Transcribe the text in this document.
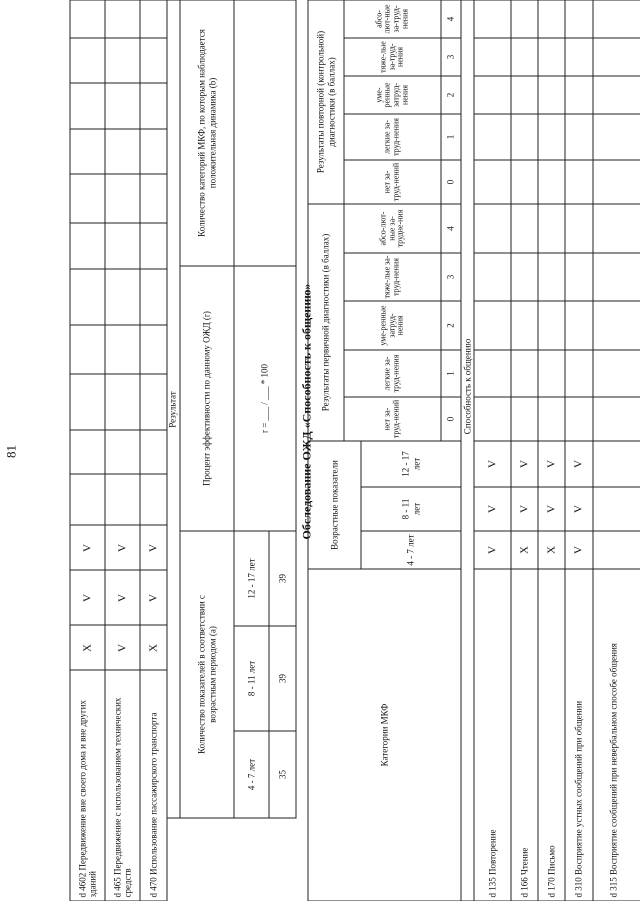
81
d 4602 Передвижение вне своего дома и вне других зданий
Х
V
V
d 465 Передвижение с использованием технических средств
V
V
V
d 470 Использование пассажирского транспорта
Х
V
V
Результат
Количество показателей в соответствии с возрастным периодом (а)
Процент эффективности по данному ОЖД (r)
Количество категорий МКФ, по которым наблюдается положительная динамика (b)
4 - 7 лет
8 - 11 лет
12 - 17 лет
35
39
39
r = ___ / ___ * 100	Обследование ОЖД «Способность к общению»
Категории МКФ
Возрастные показатели
4 - 7 лет
8 - 11 лет
12 - 17 лет
Результаты первичной диагностики (в баллах)
Результаты повторной (контрольной) диагностики (в баллах)
нет за-труд-нений
легкие за-труд-нения
уме-ренные затруд-нения
тяже-лые за-труд-нения
абсо-лют-ные за-трудне-ния
нет за-труд-нений
легкие за-труд-нения
уме-ренные затруд-нения
тяже-лые за-труд-нения
абсо-лют-ные за-труд-нения
0
1
2
3
4
0
1
2
3
4
Способность к общению
d 135 Повторение
V
V
V
d 166 Чтение
Х
V
V
d 170 Письмо
Х
V
V
d 310 Восприятие устных сообщений при общении
V
V
V
d 315 Восприятие сообщений при невербальном способе общения
